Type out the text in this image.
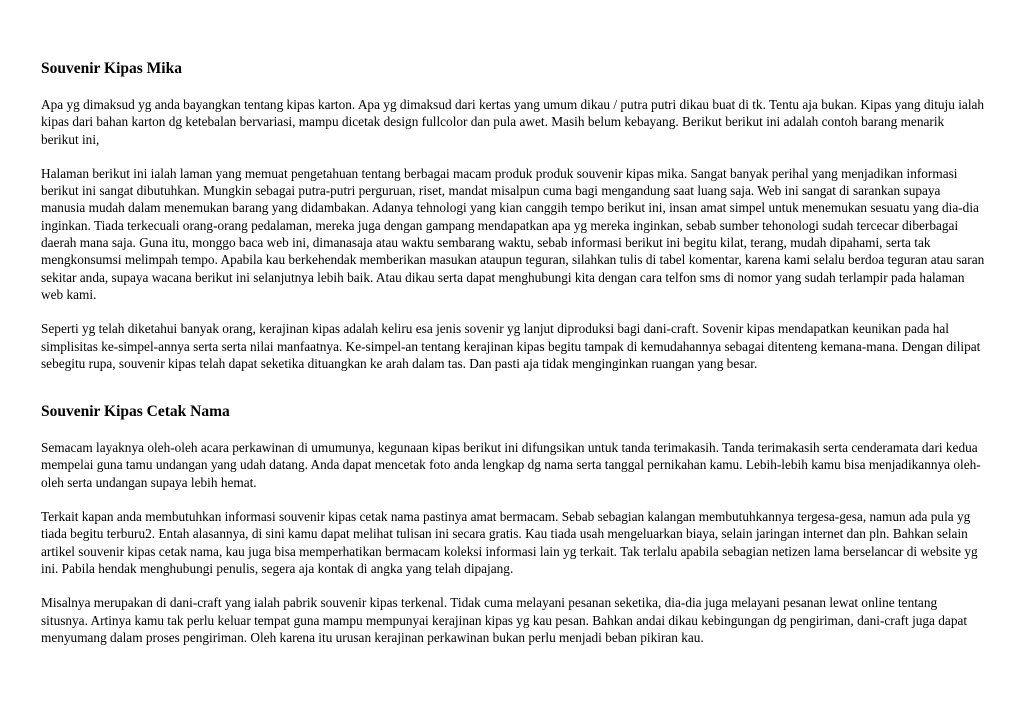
Souvenir Kipas Mika

Apa yg dimaksud yg anda bayangkan tentang kipas karton. Apa yg dimaksud dari kertas yang umum dikau / putra putri dikau buat di tk. Tentu aja bukan. Kipas yang dituju ialah kipas dari bahan karton dg ketebalan bervariasi, mampu dicetak design fullcolor dan pula awet. Masih belum kebayang. Berikut berikut ini adalah contoh barang menarik berikut ini,

Halaman berikut ini ialah laman yang memuat pengetahuan tentang berbagai macam produk produk souvenir kipas mika. Sangat banyak perihal yang menjadikan informasi berikut ini sangat dibutuhkan. Mungkin sebagai putra-putri perguruan, riset, mandat misalpun cuma bagi mengandung saat luang saja. Web ini sangat di sarankan supaya manusia mudah dalam menemukan barang yang didambakan. Adanya tehnologi yang kian canggih tempo berikut ini, insan amat simpel untuk menemukan sesuatu yang dia-dia inginkan. Tiada terkecuali orang-orang pedalaman, mereka juga dengan gampang mendapatkan apa yg mereka inginkan, sebab sumber tehonologi sudah tercecar diberbagai daerah mana saja. Guna itu, monggo baca web ini, dimanasaja atau waktu sembarang waktu, sebab informasi berikut ini begitu kilat, terang, mudah dipahami, serta tak mengkonsumsi melimpah tempo. Apabila kau berkehendak memberikan masukan ataupun teguran, silahkan tulis di tabel komentar, karena kami selalu berdoa teguran atau saran sekitar anda, supaya wacana berikut ini selanjutnya lebih baik. Atau dikau serta dapat menghubungi kita dengan cara telfon sms di nomor yang sudah terlampir pada halaman web kami.

Seperti yg telah diketahui banyak orang, kerajinan kipas adalah keliru esa jenis sovenir yg lanjut diproduksi bagi dani-craft. Sovenir kipas mendapatkan keunikan pada hal simplisitas ke-simpel-annya serta serta nilai manfaatnya. Ke-simpel-an tentang kerajinan kipas begitu tampak di kemudahannya sebagai ditenteng kemana-mana. Dengan dilipat sebegitu rupa, souvenir kipas telah dapat seketika dituangkan ke arah dalam tas. Dan pasti aja tidak menginginkan ruangan yang besar.

Souvenir Kipas Cetak Nama

Semacam layaknya oleh-oleh acara perkawinan di umumunya, kegunaan kipas berikut ini difungsikan untuk tanda terimakasih. Tanda terimakasih serta cenderamata dari kedua mempelai guna tamu undangan yang udah datang. Anda dapat mencetak foto anda lengkap dg nama serta tanggal pernikahan kamu. Lebih-lebih kamu bisa menjadikannya oleh-oleh serta undangan supaya lebih hemat.

Terkait kapan anda membutuhkan informasi souvenir kipas cetak nama pastinya amat bermacam. Sebab sebagian kalangan membutuhkannya tergesa-gesa, namun ada pula yg tiada begitu terburu2. Entah alasannya, di sini kamu dapat melihat tulisan ini secara gratis. Kau tiada usah mengeluarkan biaya, selain jaringan internet dan pln. Bahkan selain artikel souvenir kipas cetak nama, kau juga bisa memperhatikan bermacam koleksi informasi lain yg terkait. Tak terlalu apabila sebagian netizen lama berselancar di website yg ini. Pabila hendak menghubungi penulis, segera aja kontak di angka yang telah dipajang.

Misalnya merupakan di dani-craft yang ialah pabrik souvenir kipas terkenal. Tidak cuma melayani pesanan seketika, dia-dia juga melayani pesanan lewat online tentang situsnya. Artinya kamu tak perlu keluar tempat guna mampu mempunyai kerajinan kipas yg kau pesan. Bahkan andai dikau kebingungan dg pengiriman, dani-craft juga dapat menyumang dalam proses pengiriman. Oleh karena itu urusan kerajinan perkawinan bukan perlu menjadi beban pikiran kau.
